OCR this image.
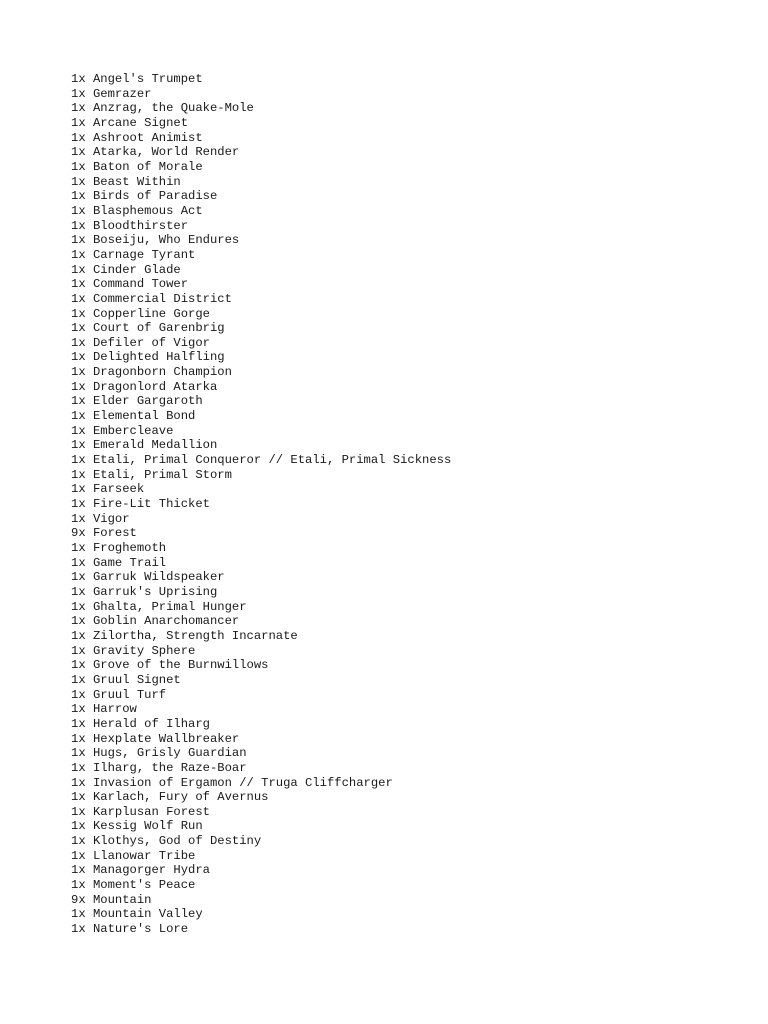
1x Angel's Trumpet
1x Gemrazer
1x Anzrag, the Quake-Mole
1x Arcane Signet
1x Ashroot Animist
1x Atarka, World Render
1x Baton of Morale
1x Beast Within
1x Birds of Paradise
1x Blasphemous Act
1x Bloodthirster
1x Boseiju, Who Endures
1x Carnage Tyrant
1x Cinder Glade
1x Command Tower
1x Commercial District
1x Copperline Gorge
1x Court of Garenbrig
1x Defiler of Vigor
1x Delighted Halfling
1x Dragonborn Champion
1x Dragonlord Atarka
1x Elder Gargaroth
1x Elemental Bond
1x Embercleave
1x Emerald Medallion
1x Etali, Primal Conqueror // Etali, Primal Sickness
1x Etali, Primal Storm
1x Farseek
1x Fire-Lit Thicket
1x Vigor
9x Forest
1x Froghemoth
1x Game Trail
1x Garruk Wildspeaker
1x Garruk's Uprising
1x Ghalta, Primal Hunger
1x Goblin Anarchomancer
1x Zilortha, Strength Incarnate
1x Gravity Sphere
1x Grove of the Burnwillows
1x Gruul Signet
1x Gruul Turf
1x Harrow
1x Herald of Ilharg
1x Hexplate Wallbreaker
1x Hugs, Grisly Guardian
1x Ilharg, the Raze-Boar
1x Invasion of Ergamon // Truga Cliffcharger
1x Karlach, Fury of Avernus
1x Karplusan Forest
1x Kessig Wolf Run
1x Klothys, God of Destiny
1x Llanowar Tribe
1x Managorger Hydra
1x Moment's Peace
9x Mountain
1x Mountain Valley
1x Nature's Lore
